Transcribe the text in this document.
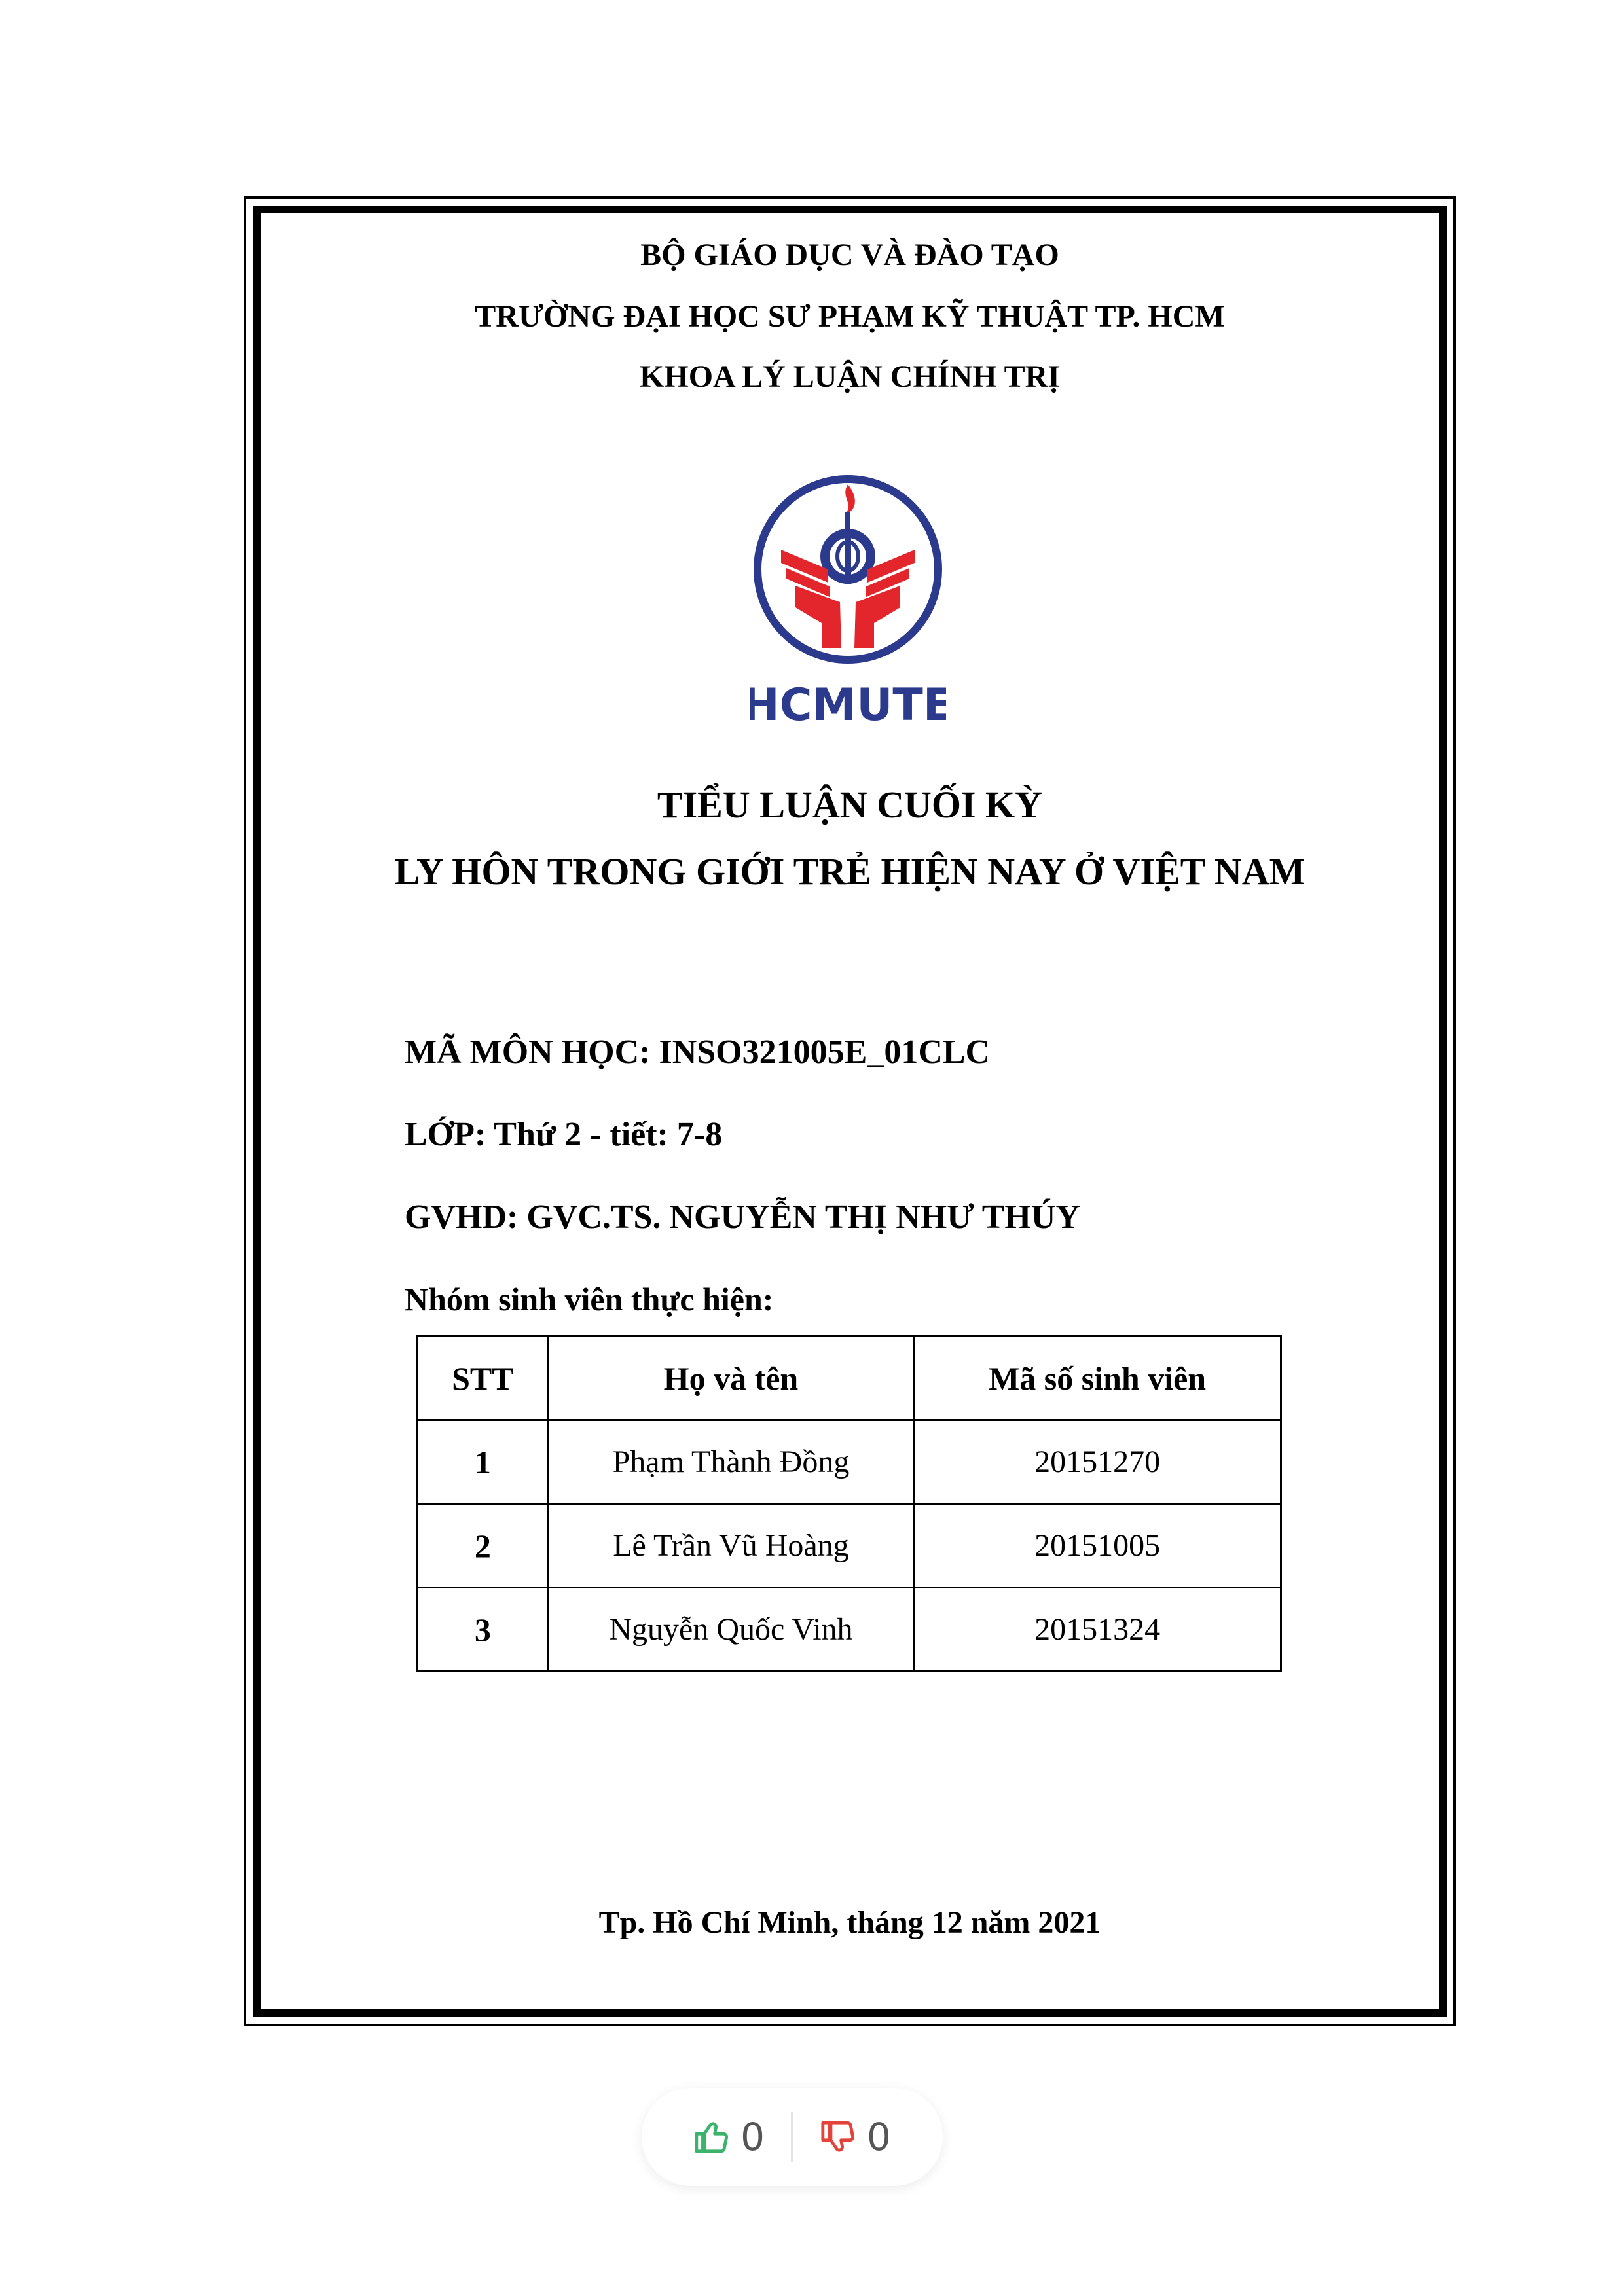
BỘ GIÁO DỤC VÀ ĐÀO TẠO
TRƯỜNG ĐẠI HỌC SƯ PHẠM KỸ THUẬT TP. HCM
KHOA LÝ LUẬN CHÍNH TRỊ
HCMUTE
TIỂU LUẬN CUỐI KỲ
LY HÔN TRONG GIỚI TRẺ HIỆN NAY Ở VIỆT NAM
MÃ MÔN HỌC: INSO321005E_01CLC
LỚP: Thứ 2 - tiết: 7-8
GVHD: GVC.TS. NGUYỄN THỊ NHƯ THÚY
Nhóm sinh viên thực hiện:
STT	Họ và tên	Mã số sinh viên
1	Phạm Thành Đồng	20151270
2	Lê Trần Vũ Hoàng	20151005
3	Nguyễn Quốc Vinh	20151324
Tp. Hồ Chí Minh, tháng 12 năm 2021
0	0
